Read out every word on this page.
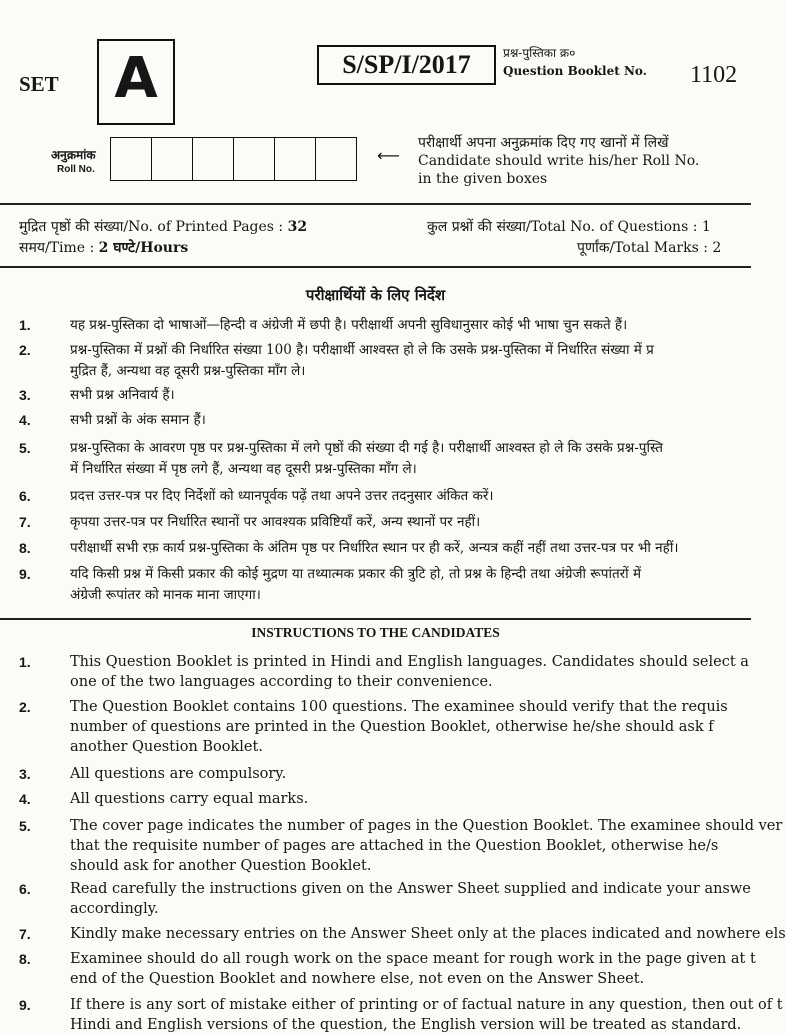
SET A	S/SP/I/2017	प्रश्न-पुस्तिका क्र०
Question Booklet No. 1102
अनुक्रमांक
Roll No.
⟵
परीक्षार्थी अपना अनुक्रमांक दिए गए खानों में लिखें
Candidate should write his/her Roll No.
in the given boxes
मुद्रित पृष्ठों की संख्या/No. of Printed Pages : 32
समय/Time : 2 घण्टे/Hours
कुल प्रश्नों की संख्या/Total No. of Questions : 1
पूर्णांक/Total Marks : 2
परीक्षार्थियों के लिए निर्देश
1.	यह प्रश्न-पुस्तिका दो भाषाओं—हिन्दी व अंग्रेजी में छपी है। परीक्षार्थी अपनी सुविधानुसार कोई भी भाषा चुन सकते हैं।
2.	प्रश्न-पुस्तिका में प्रश्नों की निर्धारित संख्या 100 है। परीक्षार्थी आश्वस्त हो ले कि उसके प्रश्न-पुस्तिका में निर्धारित संख्या में प्र
मुद्रित हैं, अन्यथा वह दूसरी प्रश्न-पुस्तिका माँग ले।
3.	सभी प्रश्न अनिवार्य हैं।
4.	सभी प्रश्नों के अंक समान हैं।
5.	प्रश्न-पुस्तिका के आवरण पृष्ठ पर प्रश्न-पुस्तिका में लगे पृष्ठों की संख्या दी गई है। परीक्षार्थी आश्वस्त हो ले कि उसके प्रश्न-पुस्ति
में निर्धारित संख्या में पृष्ठ लगे हैं, अन्यथा वह दूसरी प्रश्न-पुस्तिका माँग ले।
6.	प्रदत्त उत्तर-पत्र पर दिए निर्देशों को ध्यानपूर्वक पढ़ें तथा अपने उत्तर तदनुसार अंकित करें।
7.	कृपया उत्तर-पत्र पर निर्धारित स्थानों पर आवश्यक प्रविष्टियाँ करें, अन्य स्थानों पर नहीं।
8.	परीक्षार्थी सभी रफ़ कार्य प्रश्न-पुस्तिका के अंतिम पृष्ठ पर निर्धारित स्थान पर ही करें, अन्यत्र कहीं नहीं तथा उत्तर-पत्र पर भी नहीं।
9.	यदि किसी प्रश्न में किसी प्रकार की कोई मुद्रण या तथ्यात्मक प्रकार की त्रुटि हो, तो प्रश्न के हिन्दी तथा अंग्रेजी रूपांतरों में
अंग्रेजी रूपांतर को मानक माना जाएगा।
INSTRUCTIONS TO THE CANDIDATES
1.	This Question Booklet is printed in Hindi and English languages. Candidates should select a
one of the two languages according to their convenience.
2.	The Question Booklet contains 100 questions. The examinee should verify that the requis
number of questions are printed in the Question Booklet, otherwise he/she should ask f
another Question Booklet.
3.	All questions are compulsory.
4.	All questions carry equal marks.
5.	The cover page indicates the number of pages in the Question Booklet. The examinee should ver
that the requisite number of pages are attached in the Question Booklet, otherwise he/s
should ask for another Question Booklet.
6.	Read carefully the instructions given on the Answer Sheet supplied and indicate your answe
accordingly.
7.	Kindly make necessary entries on the Answer Sheet only at the places indicated and nowhere els
8.	Examinee should do all rough work on the space meant for rough work in the page given at t
end of the Question Booklet and nowhere else, not even on the Answer Sheet.
9.	If there is any sort of mistake either of printing or of factual nature in any question, then out of t
Hindi and English versions of the question, the English version will be treated as standard.
